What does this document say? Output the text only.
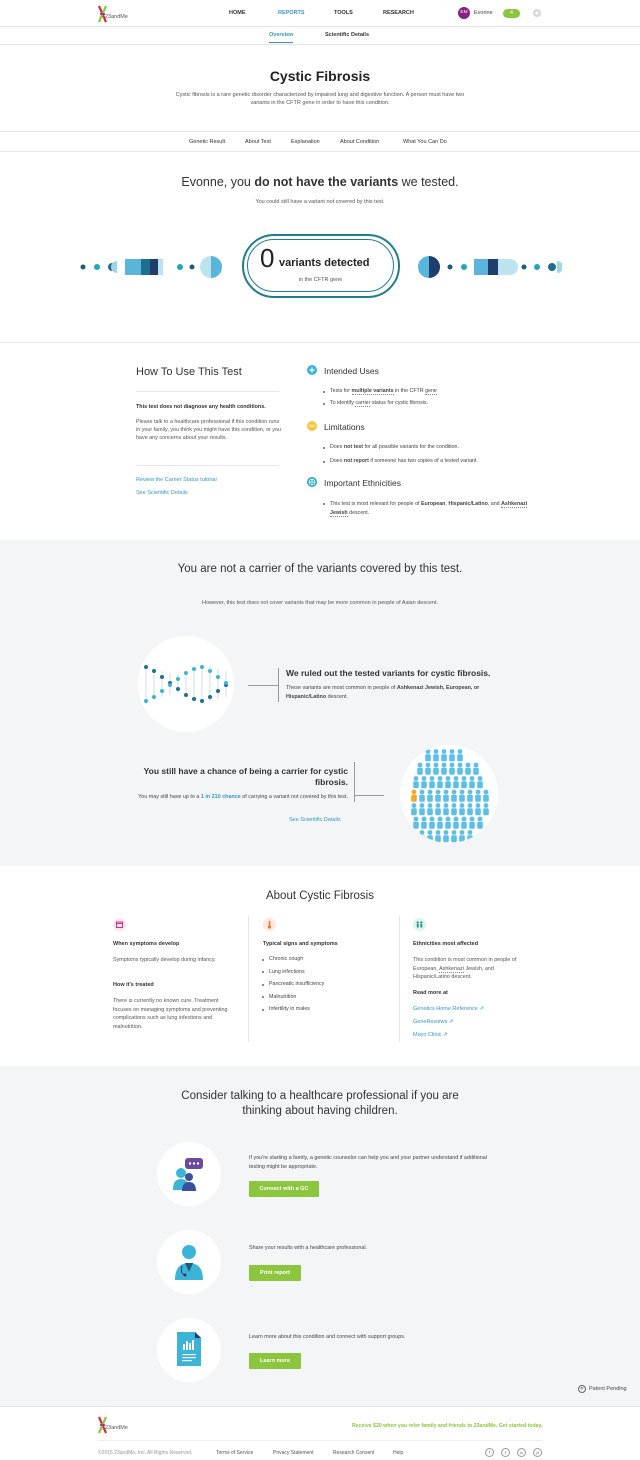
23andMe
HOME	REPORTS	TOOLS	RESEARCH	EM	Evonne	4
Overview	Scientific Details
Cystic Fibrosis
Cystic fibrosis is a rare genetic disorder characterized by impaired lung and digestive function. A person must have two variants in the CFTR gene in order to have this condition.
Genetic Result	About Test	Explanation	About Condition	What You Can Do
Evonne, you do not have the variants we tested.
You could still have a variant not covered by this test.
0 variants detected
in the CFTR gene
How To Use This Test
This test does not diagnose any health conditions.
Please talk to a healthcare professional if this condition runs in your family, you think you might have this condition, or you have any concerns about your results.
Review the Carrier Status tutorial
See Scientific Details
Intended Uses
Tests for multiple variants in the CFTR gene
To identify carrier status for cystic fibrosis.
Limitations
Does not test for all possible variants for the condition.
Does not report if someone has two copies of a tested variant.
Important Ethnicities
This test is most relevant for people of European, Hispanic/Latino, and Ashkenazi Jewish descent.
You are not a carrier of the variants covered by this test.
However, this test does not cover variants that may be more common in people of Asian descent.
We ruled out the tested variants for cystic fibrosis.
These variants are most common in people of Ashkenazi Jewish, European, or Hispanic/Latino descent.
You still have a chance of being a carrier for cystic fibrosis.
You may still have up to a 1 in 210 chance of carrying a variant not covered by this test.
See Scientific Details
About Cystic Fibrosis
When symptoms develop
Symptoms typically develop during infancy.
How it's treated
There is currently no known cure. Treatment focuses on managing symptoms and preventing complications such as lung infections and malnutrition.
Typical signs and symptoms
Chronic cough
Lung infections
Pancreatic insufficiency
Malnutrition
Infertility in males
Ethnicities most affected
This condition is most common in people of European, Ashkenazi Jewish, and Hispanic/Latino descent.
Read more at
Genetics Home Reference ⇗
GeneReviews ⇗
Mayo Clinic ⇗
Consider talking to a healthcare professional if you are thinking about having children.
If you're starting a family, a genetic counselor can help you and your partner understand if additional testing might be appropriate.
Connect with a GC
Share your results with a healthcare professional.
Print report
Learn more about this condition and connect with support groups.
Learn more
P Patent Pending
23andMe	Receive $20 when you refer family and friends to 23andMe. Get started today.
©2015 23andMe, Inc. All Rights Reserved.	Terms of Service	Privacy Statement	Research Consent	Help	f	t	in	yt
